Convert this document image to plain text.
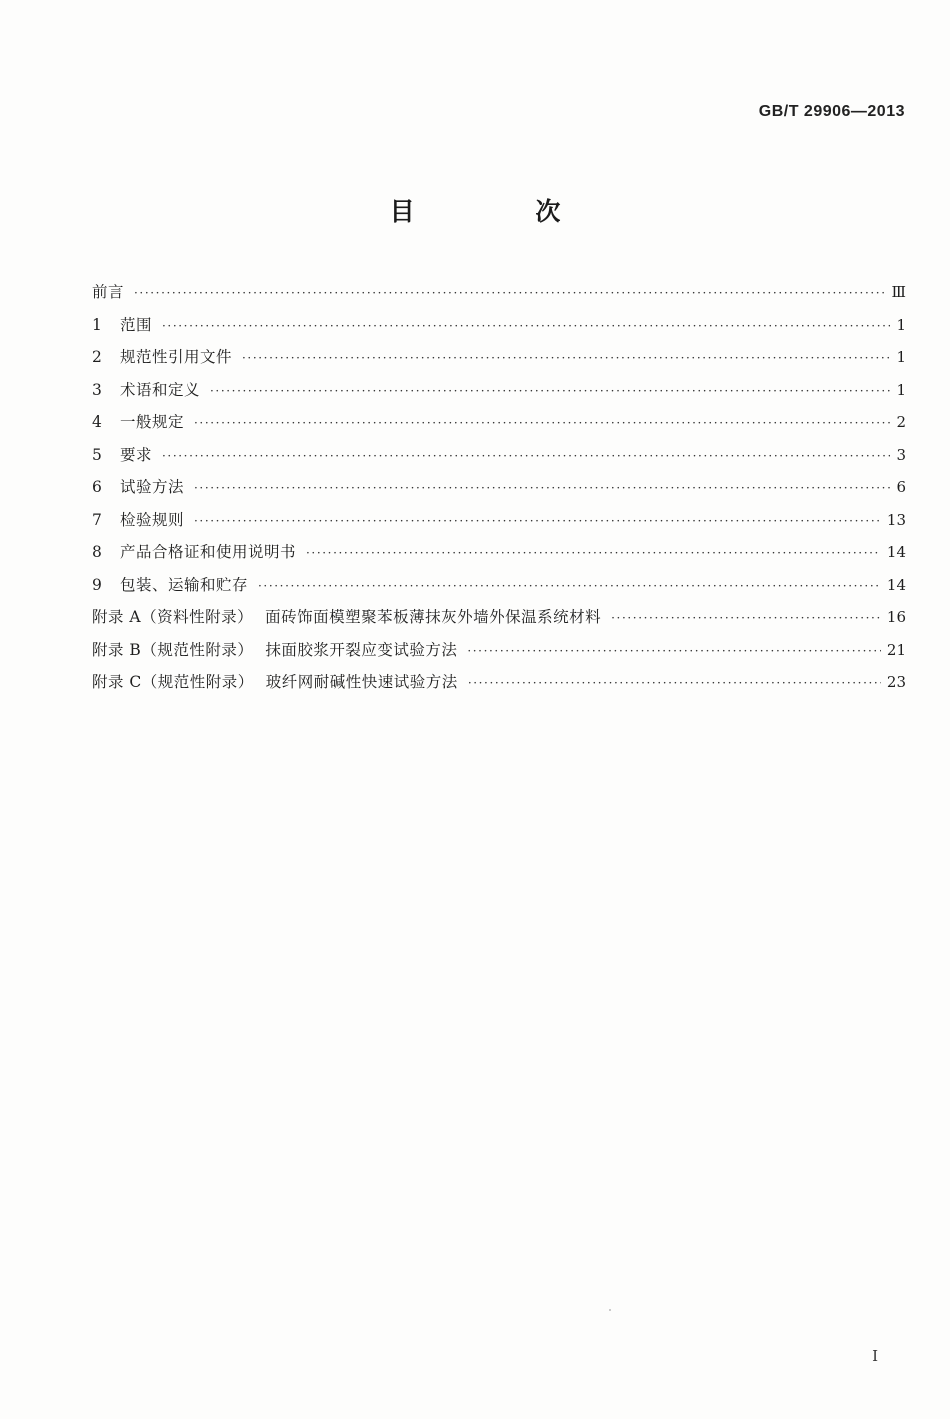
GB/T 29906—2013
目 次
前言 ·····	Ⅲ
1	范围 ·····	1
2	规范性引用文件 ·····	1
3	术语和定义 ·····	1
4	一般规定 ·····	2
5	要求 ·····	3
6	试验方法 ·····	6
7	检验规则 ·····	13
8	产品合格证和使用说明书 ·····	14
9	包装、运输和贮存 ·····	14
附录 A（资料性附录） 面砖饰面模塑聚苯板薄抹灰外墙外保温系统材料 ·····	16
附录 B（规范性附录） 抹面胶浆开裂应变试验方法 ·····	21
附录 C（规范性附录） 玻纤网耐碱性快速试验方法 ·····	23
I
